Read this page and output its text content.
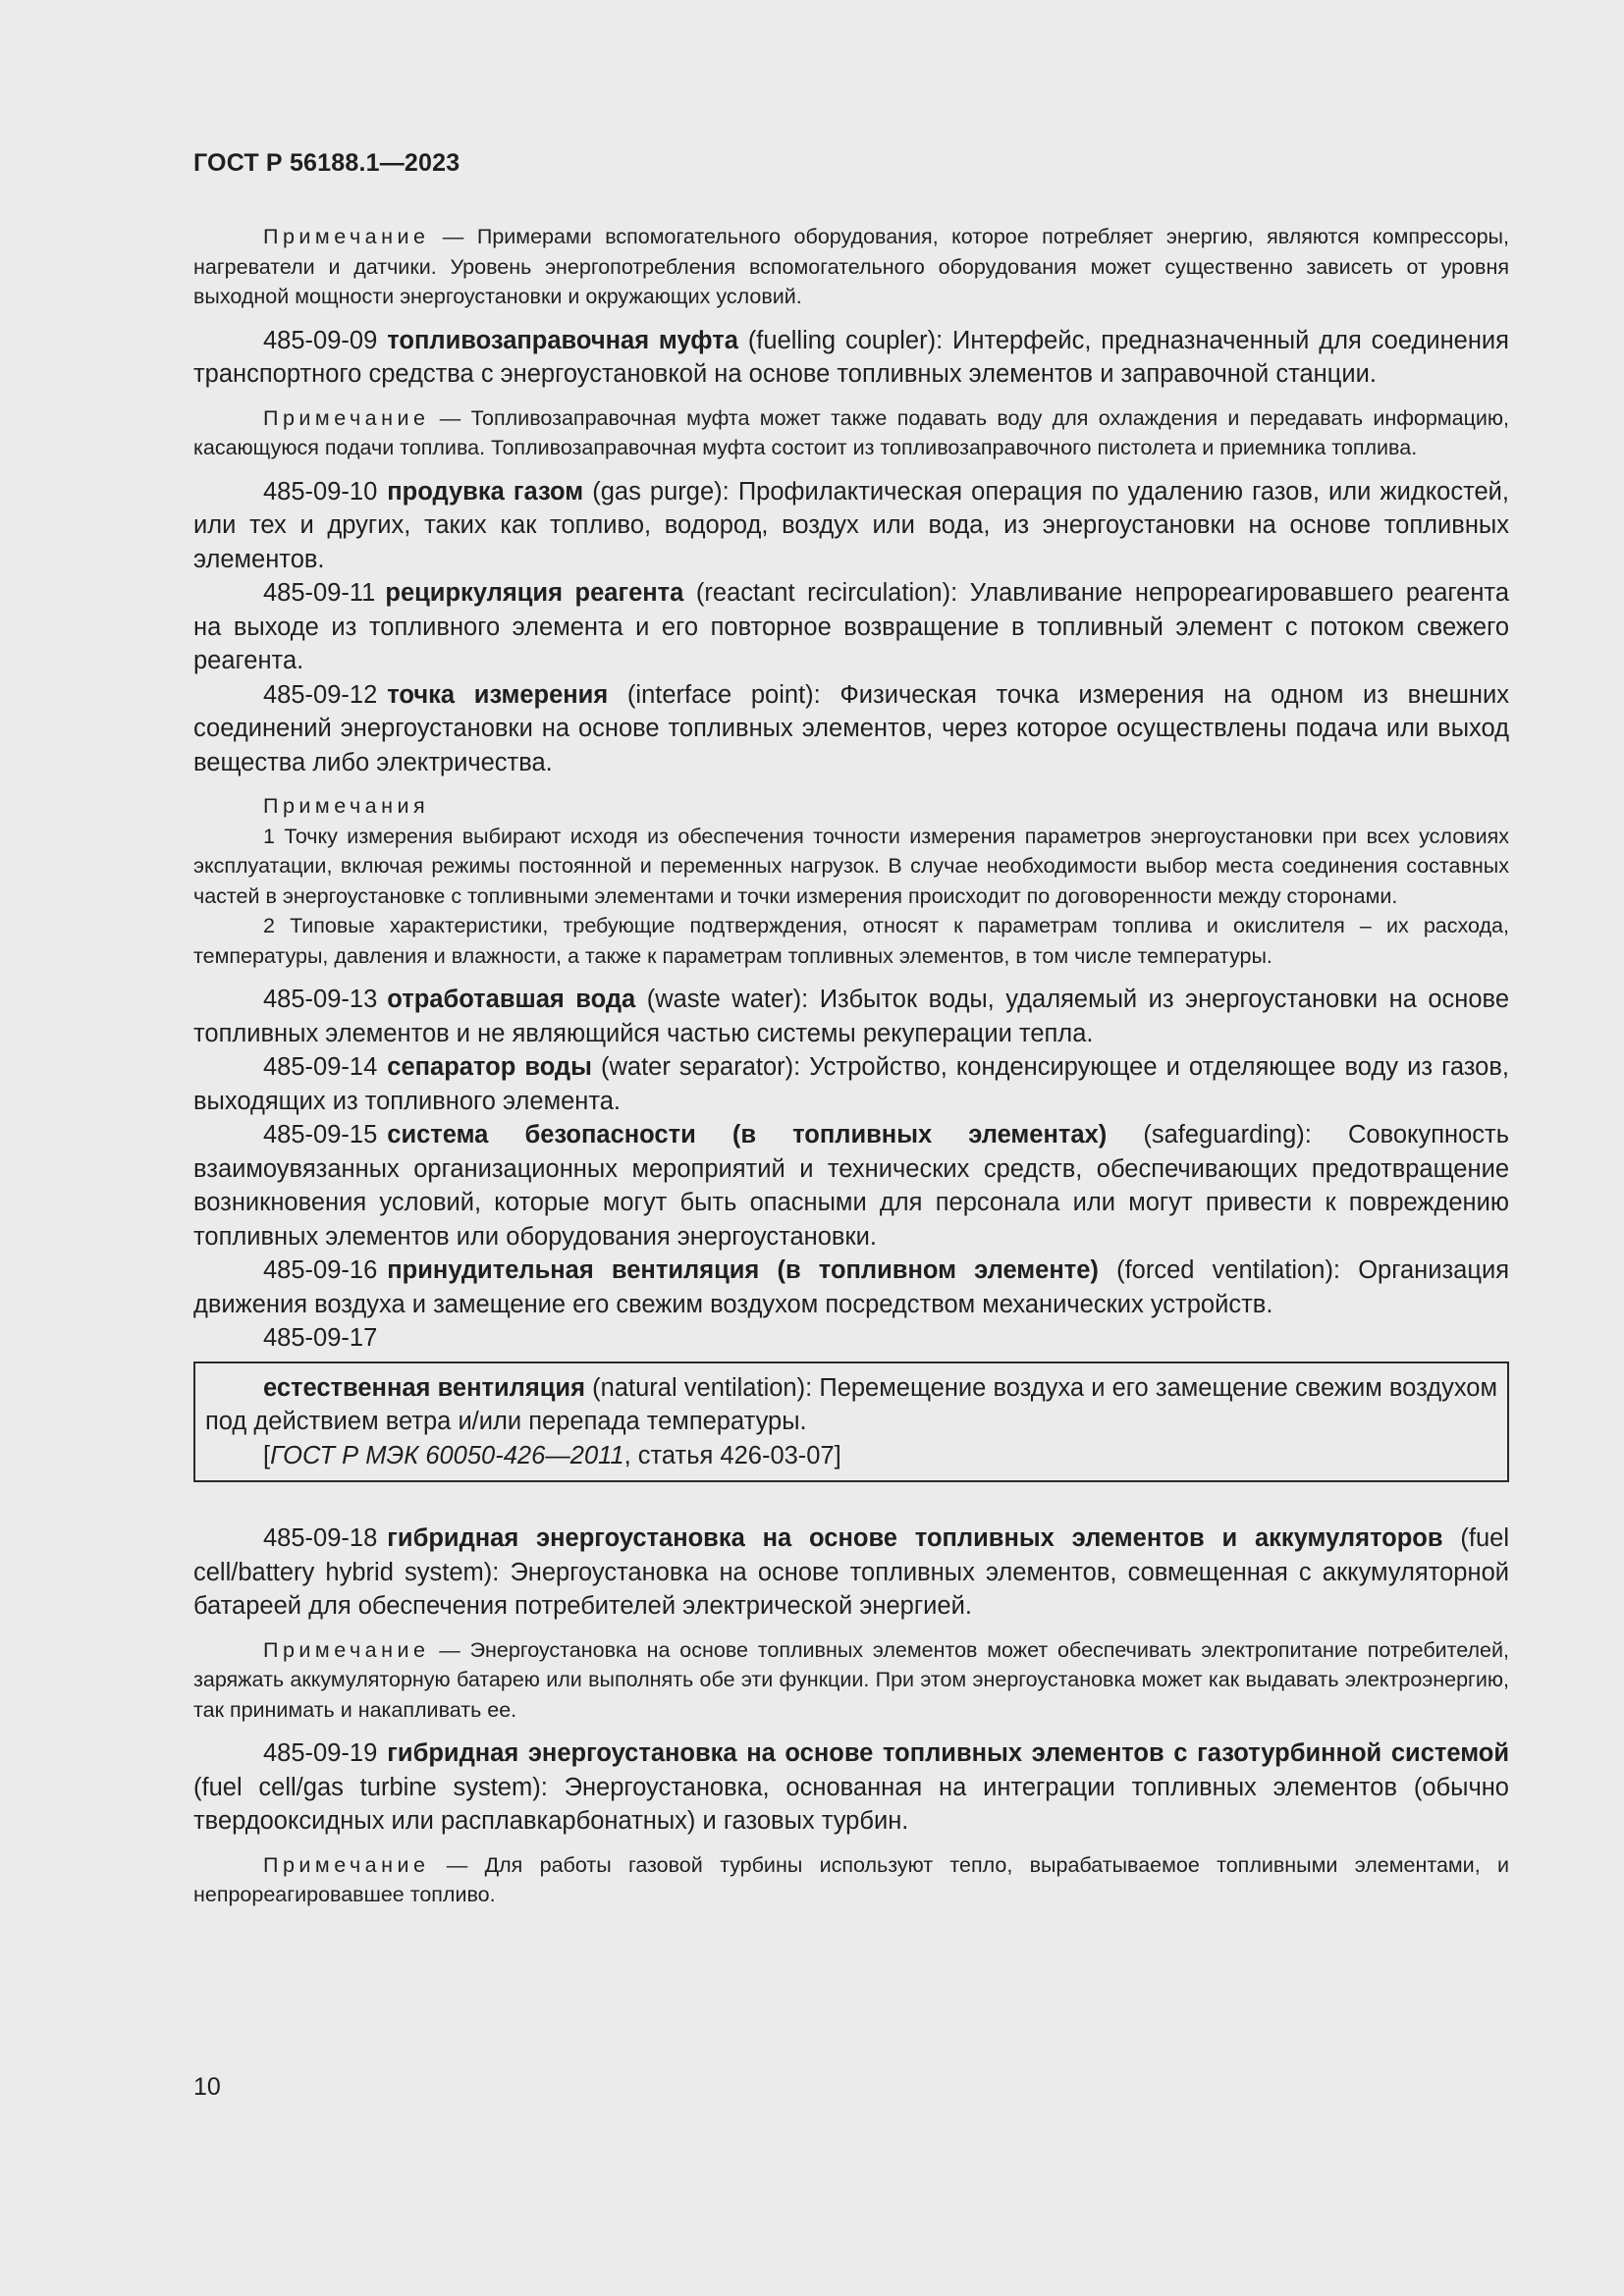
ГОСТ Р 56188.1—2023

Примечание — Примерами вспомогательного оборудования, которое потребляет энергию, являются компрессоры, нагреватели и датчики. Уровень энергопотребления вспомогательного оборудования может существенно зависеть от уровня выходной мощности энергоустановки и окружающих условий.

485-09-09 топливозаправочная муфта (fuelling coupler): Интерфейс, предназначенный для соединения транспортного средства с энергоустановкой на основе топливных элементов и заправочной станции.

Примечание — Топливозаправочная муфта может также подавать воду для охлаждения и передавать информацию, касающуюся подачи топлива. Топливозаправочная муфта состоит из топливозаправочного пистолета и приемника топлива.

485-09-10 продувка газом (gas purge): Профилактическая операция по удалению газов, или жидкостей, или тех и других, таких как топливо, водород, воздух или вода, из энергоустановки на основе топливных элементов.

485-09-11 рециркуляция реагента (reactant recirculation): Улавливание непрореагировавшего реагента на выходе из топливного элемента и его повторное возвращение в топливный элемент с потоком свежего реагента.

485-09-12 точка измерения (interface point): Физическая точка измерения на одном из внешних соединений энергоустановки на основе топливных элементов, через которое осуществлены подача или выход вещества либо электричества.

Примечания

1 Точку измерения выбирают исходя из обеспечения точности измерения параметров энергоустановки при всех условиях эксплуатации, включая режимы постоянной и переменных нагрузок. В случае необходимости выбор места соединения составных частей в энергоустановке с топливными элементами и точки измерения происходит по договоренности между сторонами.

2 Типовые характеристики, требующие подтверждения, относят к параметрам топлива и окислителя – их расхода, температуры, давления и влажности, а также к параметрам топливных элементов, в том числе температуры.

485-09-13 отработавшая вода (waste water): Избыток воды, удаляемый из энергоустановки на основе топливных элементов и не являющийся частью системы рекуперации тепла.

485-09-14 сепаратор воды (water separator): Устройство, конденсирующее и отделяющее воду из газов, выходящих из топливного элемента.

485-09-15 система безопасности (в топливных элементах) (safeguarding): Совокупность взаимоувязанных организационных мероприятий и технических средств, обеспечивающих предотвращение возникновения условий, которые могут быть опасными для персонала или могут привести к повреждению топливных элементов или оборудования энергоустановки.

485-09-16 принудительная вентиляция (в топливном элементе) (forced ventilation): Организация движения воздуха и замещение его свежим воздухом посредством механических устройств.

485-09-17

естественная вентиляция (natural ventilation): Перемещение воздуха и его замещение свежим воздухом под действием ветра и/или перепада температуры.

[ГОСТ Р МЭК 60050-426—2011, статья 426-03-07]

485-09-18 гибридная энергоустановка на основе топливных элементов и аккумуляторов (fuel cell/battery hybrid system): Энергоустановка на основе топливных элементов, совмещенная с аккумуляторной батареей для обеспечения потребителей электрической энергией.

Примечание — Энергоустановка на основе топливных элементов может обеспечивать электропитание потребителей, заряжать аккумуляторную батарею или выполнять обе эти функции. При этом энергоустановка может как выдавать электроэнергию, так принимать и накапливать ее.

485-09-19 гибридная энергоустановка на основе топливных элементов с газотурбинной системой (fuel cell/gas turbine system): Энергоустановка, основанная на интеграции топливных элементов (обычно твердооксидных или расплавкарбонатных) и газовых турбин.

Примечание — Для работы газовой турбины используют тепло, вырабатываемое топливными элементами, и непрореагировавшее топливо.

10
